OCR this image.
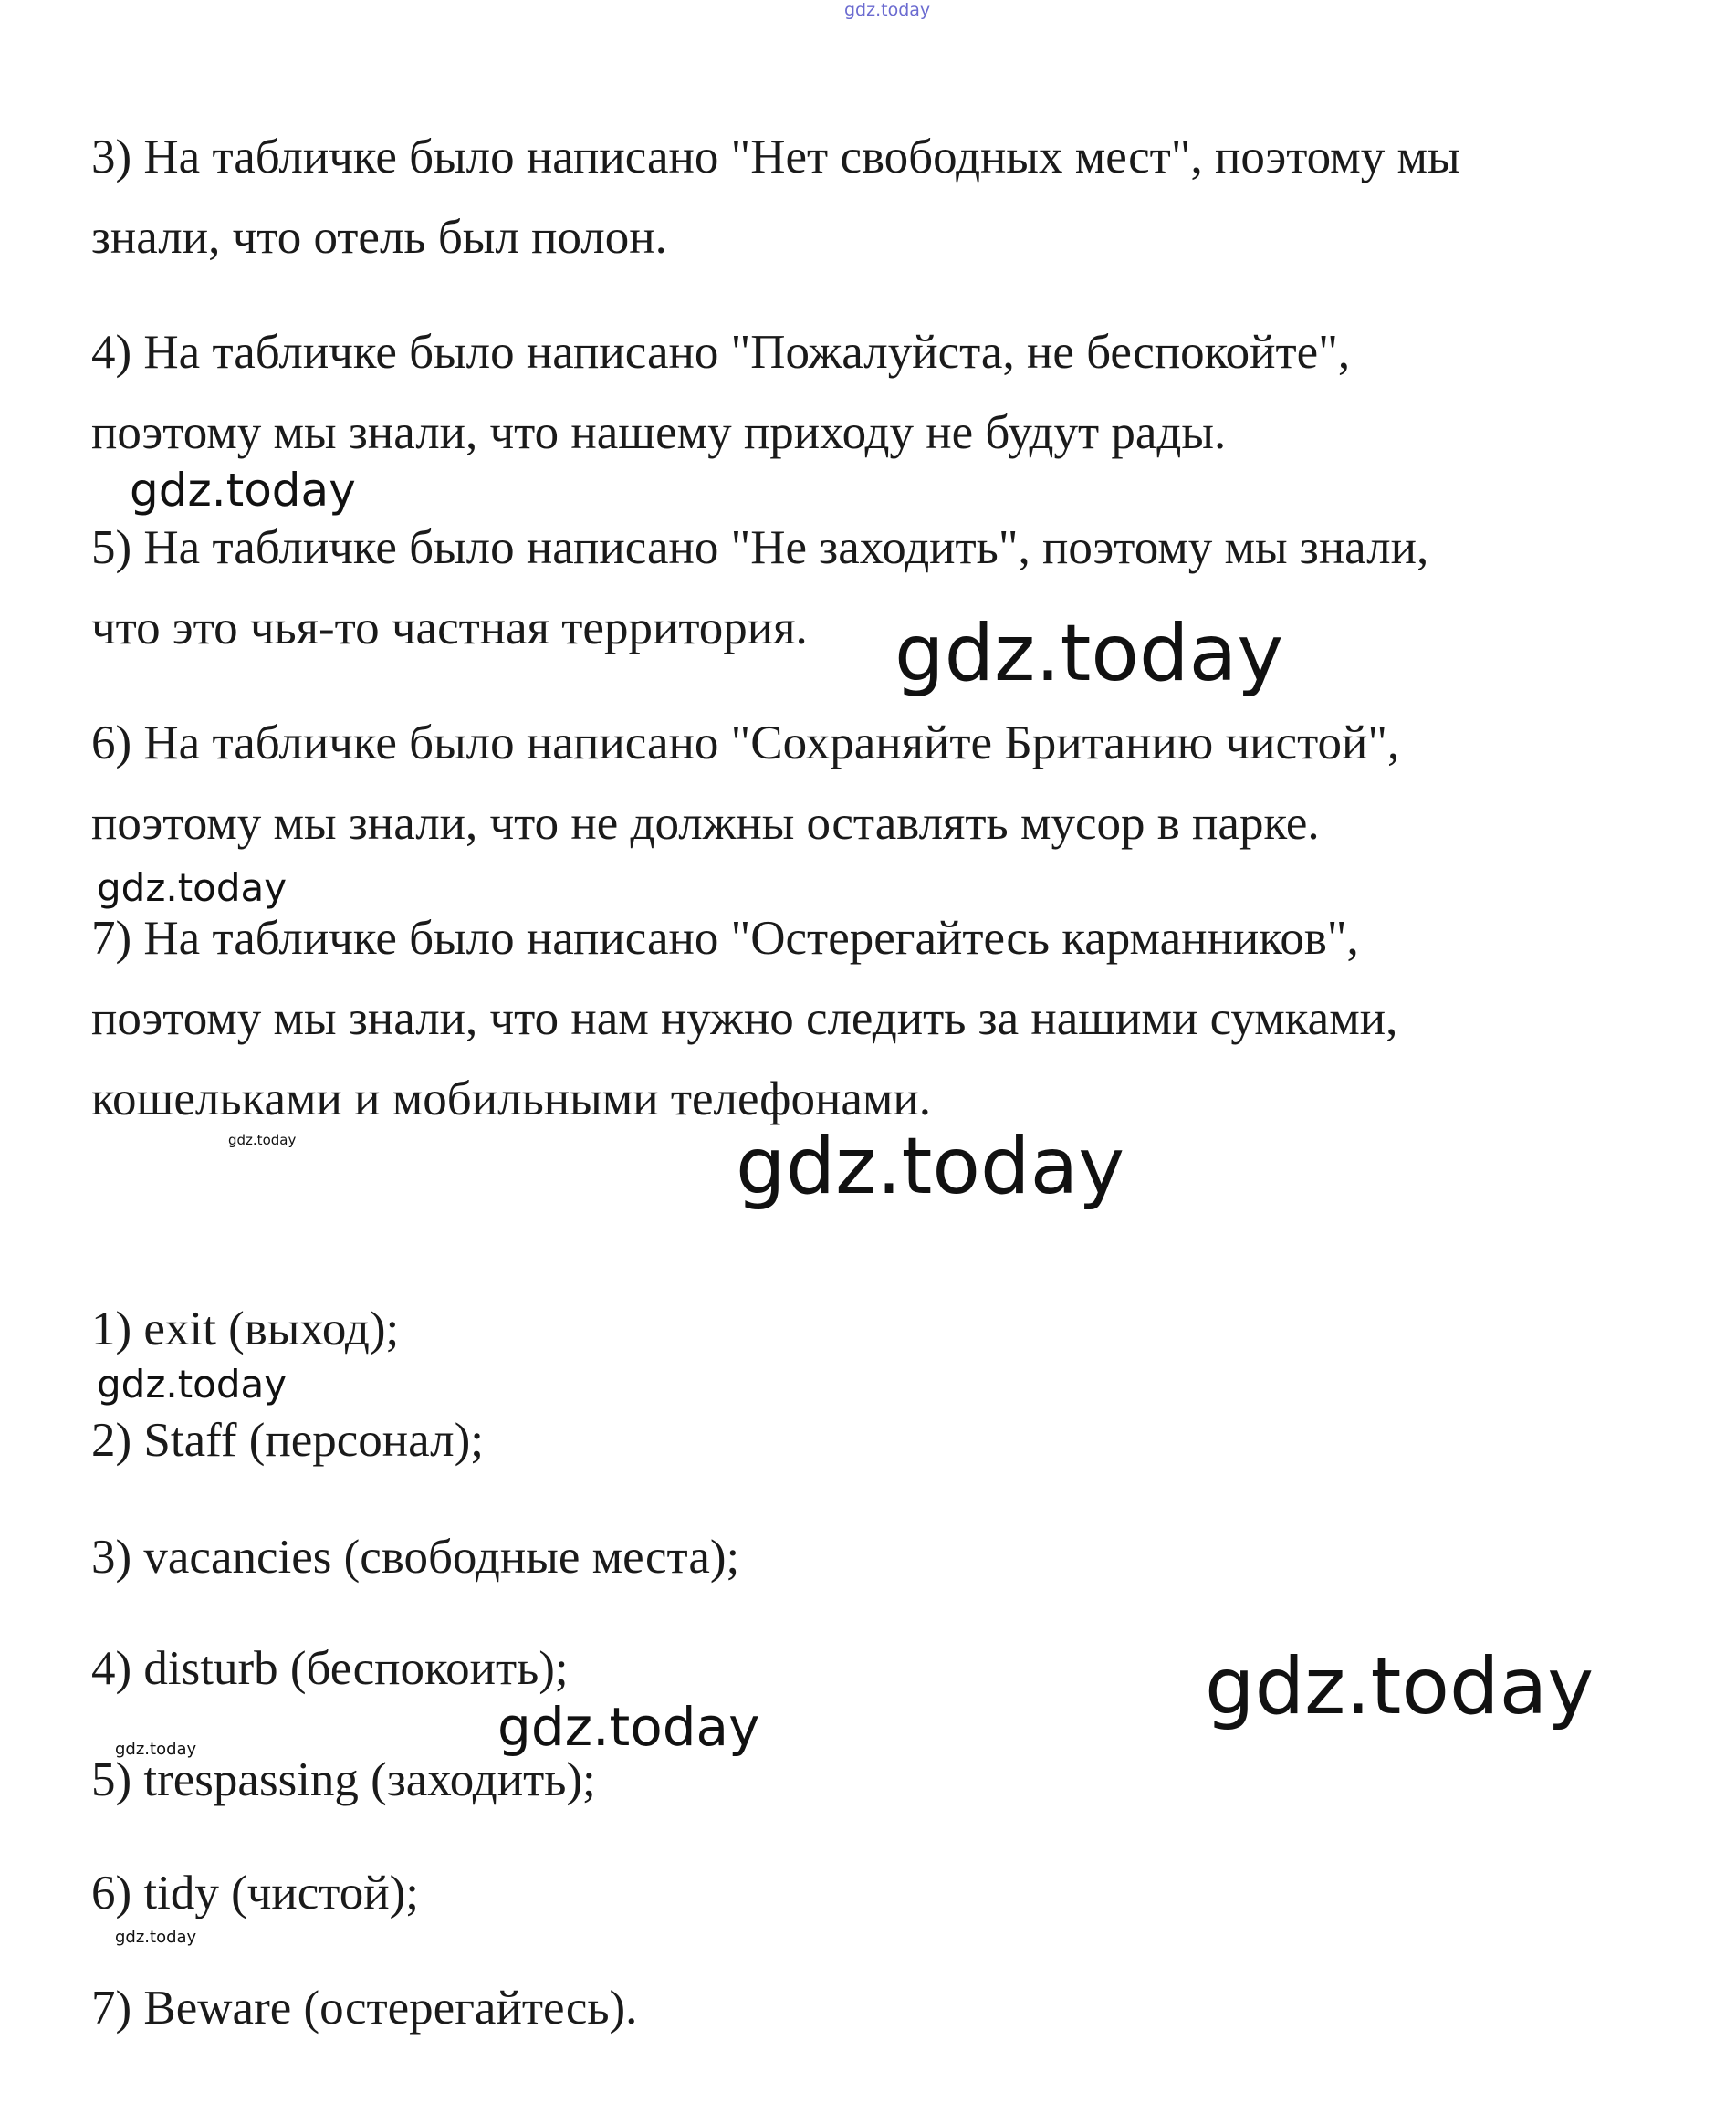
gdz.today
3) На табличке было написано "Нет свободных мест", поэтому мы
знали, что отель был полон.
4) На табличке было написано "Пожалуйста, не беспокойте",
поэтому мы знали, что нашему приходу не будут рады.
gdz.today
5) На табличке было написано "Не заходить", поэтому мы знали,
что это чья-то частная территория.	gdz.today
6) На табличке было написано "Сохраняйте Британию чистой",
поэтому мы знали, что не должны оставлять мусор в парке.
gdz.today
7) На табличке было написано "Остерегайтесь карманников",
поэтому мы знали, что нам нужно следить за нашими сумками,
кошельками и мобильными телефонами.
gdz.today	gdz.today
1) exit (выход);
gdz.today
2) Staff (персонал);
3) vacancies (свободные места);
4) disturb (беспокоить);	gdz.today
gdz.today
gdz.today
5) trespassing (заходить);
6) tidy (чистой);
gdz.today
7) Beware (остерегайтесь).
